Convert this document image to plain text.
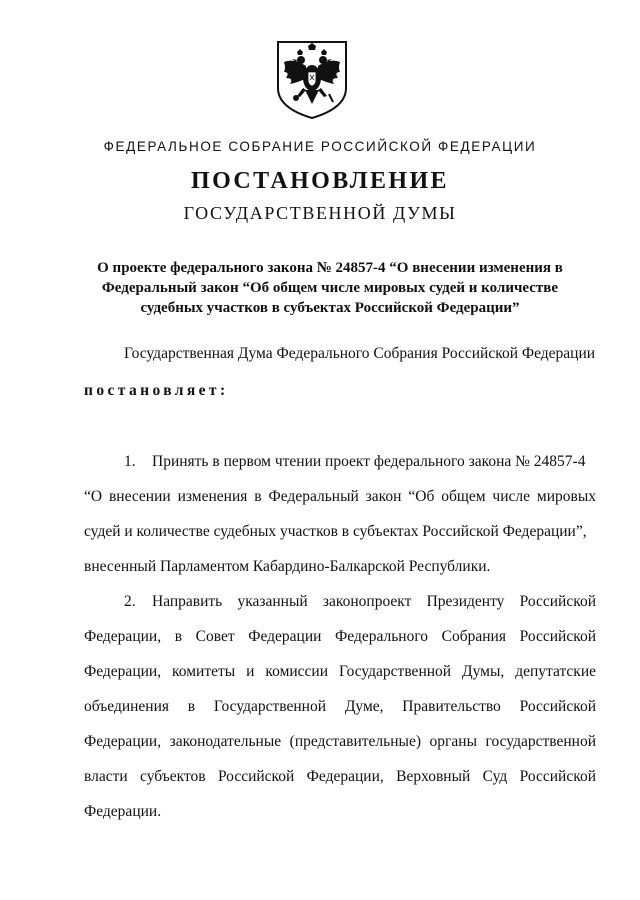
ФЕДЕРАЛЬНОЕ СОБРАНИЕ РОССИЙСКОЙ ФЕДЕРАЦИИ
ПОСТАНОВЛЕНИЕ
ГОСУДАРСТВЕННОЙ ДУМЫ
О проекте федерального закона № 24857-4 “О внесении изменения в
Федеральный закон “Об общем числе мировых судей и количестве
судебных участков в субъектах Российской Федерации”
Государственная Дума Федерального Собрания Российской Федерации
постановляет:
1. Принять в первом чтении проект федерального закона № 24857-4
“О внесении изменения в Федеральный закон “Об общем числе мировых
судей и количестве судебных участков в субъектах Российской Федерации”,
внесенный Парламентом Кабардино-Балкарской Республики.
2.	Направить указанный законопроект Президенту Российской
Федерации, в Совет Федерации Федерального Собрания Российской
Федерации, комитеты и комиссии Государственной Думы, депутатские
объединения в Государственной Думе, Правительство Российской
Федерации, законодательные (представительные) органы государственной
власти субъектов Российской Федерации, Верховный Суд Российской
Федерации.
